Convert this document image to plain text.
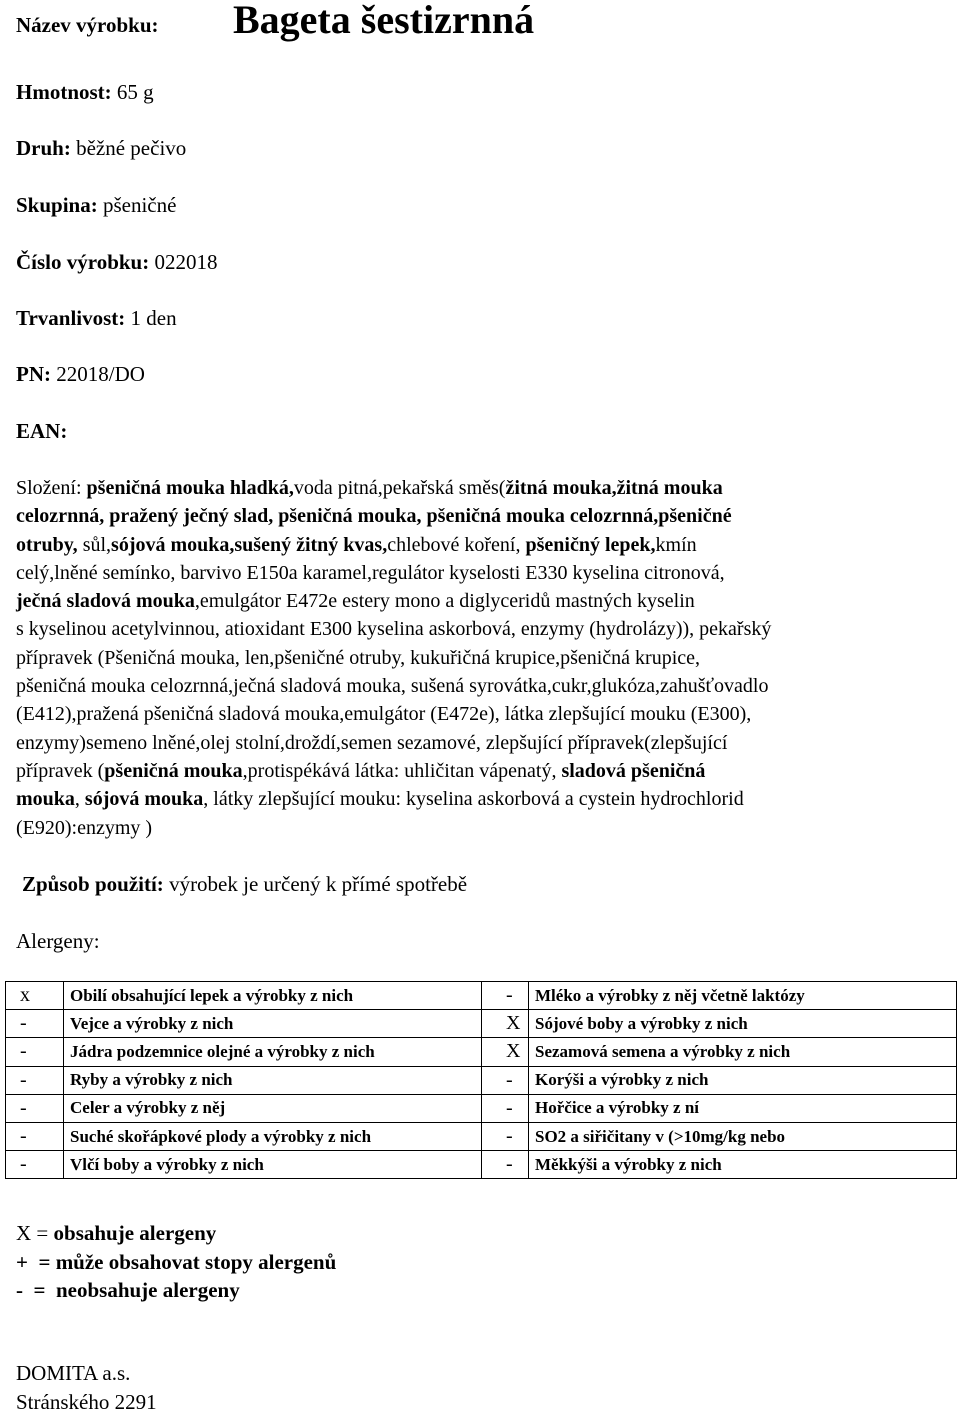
Název výrobku: Bageta šestizrnná
Hmotnost: 65 g
Druh: běžné pečivo
Skupina: pšeničné
Číslo výrobku: 022018
Trvanlivost: 1 den
PN: 22018/DO
EAN:

Složení: pšeničná mouka hladká,voda pitná,pekařská směs(žitná mouka,žitná mouka

celozrnná, pražený ječný slad, pšeničná mouka, pšeničná mouka celozrnná,pšeničné

otruby, sůl,sójová mouka,sušený žitný kvas,chlebové koření, pšeničný lepek,kmín

celý,lněné semínko, barvivo E150a karamel,regulátor kyselosti E330 kyselina citronová,

ječná sladová mouka,emulgátor E472e estery mono a diglyceridů mastných kyselin

s kyselinou acetylvinnou, atioxidant E300 kyselina askorbová, enzymy (hydrolázy)), pekařský

přípravek (Pšeničná mouka, len,pšeničné otruby, kukuřičná krupice,pšeničná krupice,

pšeničná mouka celozrnná,ječná sladová mouka, sušená syrovátka,cukr,glukóza,zahušťovadlo

(E412),pražená pšeničná sladová mouka,emulgátor (E472e), látka zlepšující mouku (E300),

enzymy)semeno lněné,olej stolní,droždí,semen sezamové, zlepšující přípravek(zlepšující

přípravek (pšeničná mouka,protispékává látka: uhličitan vápenatý, sladová pšeničná

mouka, sójová mouka, látky zlepšující mouku: kyselina askorbová a cystein hydrochlorid

(E920):enzymy )

Způsob použití: výrobek je určený k přímé spotřebě
Alergeny:
x	Obilí obsahující lepek a výrobky z nich	-	Mléko a výrobky z něj včetně laktózy
-	Vejce a výrobky z nich	X	Sójové boby a výrobky z nich
-	Jádra podzemnice olejné a výrobky z nich	X	Sezamová semena a výrobky z nich
-	Ryby a výrobky z nich	-	Korýši a výrobky z nich
-	Celer a výrobky z něj	-	Hořčice a výrobky z ní
-	Suché skořápkové plody a výrobky z nich	-	SO2 a siřičitany v (>10mg/kg nebo
-	Vlčí boby a výrobky z nich	-	Měkkýši a výrobky z nich
X = obsahuje alergeny
+  = může obsahovat stopy alergenů
-  =  neobsahuje alergeny
DOMITA a.s.
Stránského 2291
